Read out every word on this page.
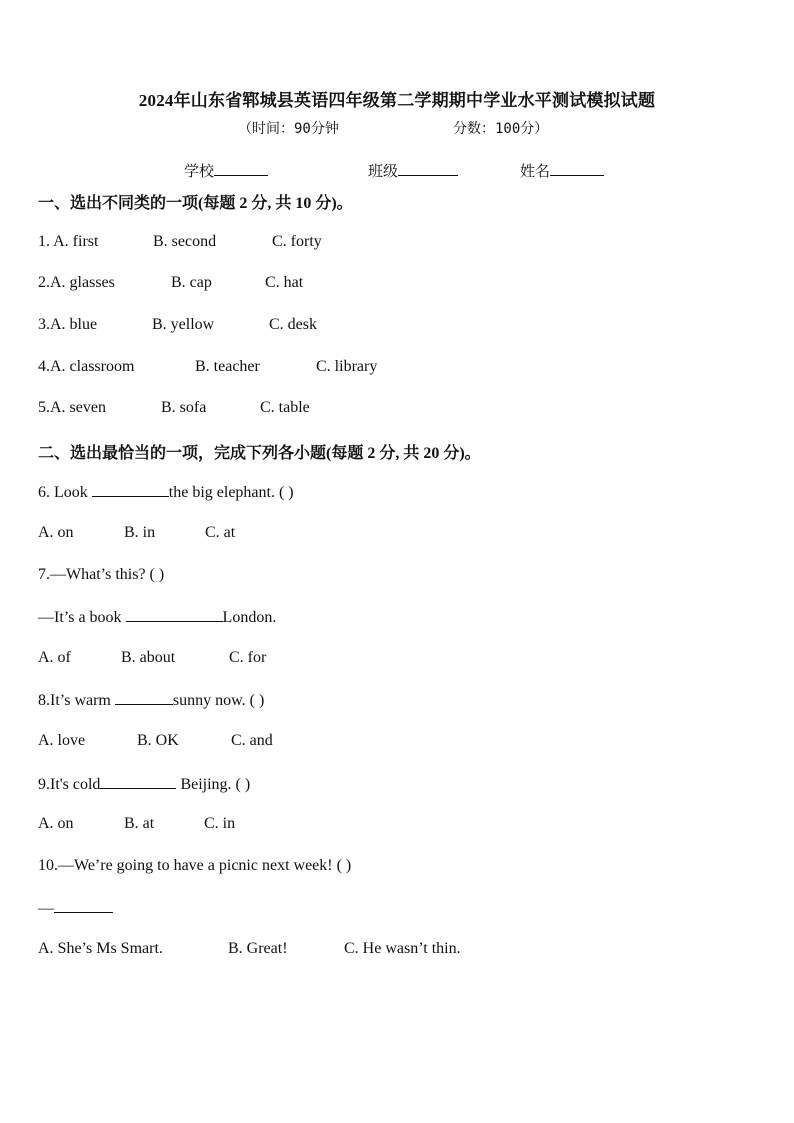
2024年山东省郓城县英语四年级第二学期期中学业水平测试模拟试题
（时间：90分钟	分数：100分）
学校	班级	姓名
一、选出不同类的一项(每题 2 分, 共 10 分)。
1. A. first	B. second	C. forty
2.A. glasses	B. cap	C. hat
3.A. blue	B. yellow	C. desk
4.A. classroom	B. teacher	C. library
5.A. seven	B. sofa	C. table
二、选出最恰当的一项，完成下列各小题(每题 2 分, 共 20 分)。
6. Look	the big elephant. ( )
A. on	B. in	C. at
7.—What’s this? ( )
—It’s a book	London.
A. of	B. about	C. for
8.It’s warm	sunny now. ( )
A. love	B. OK	C. and
9.It's cold	Beijing. ( )
A. on	B. at	C. in
10.—We’re going to have a picnic next week! ( )
—
A. She’s Ms Smart.	B. Great!	C. He wasn’t thin.
